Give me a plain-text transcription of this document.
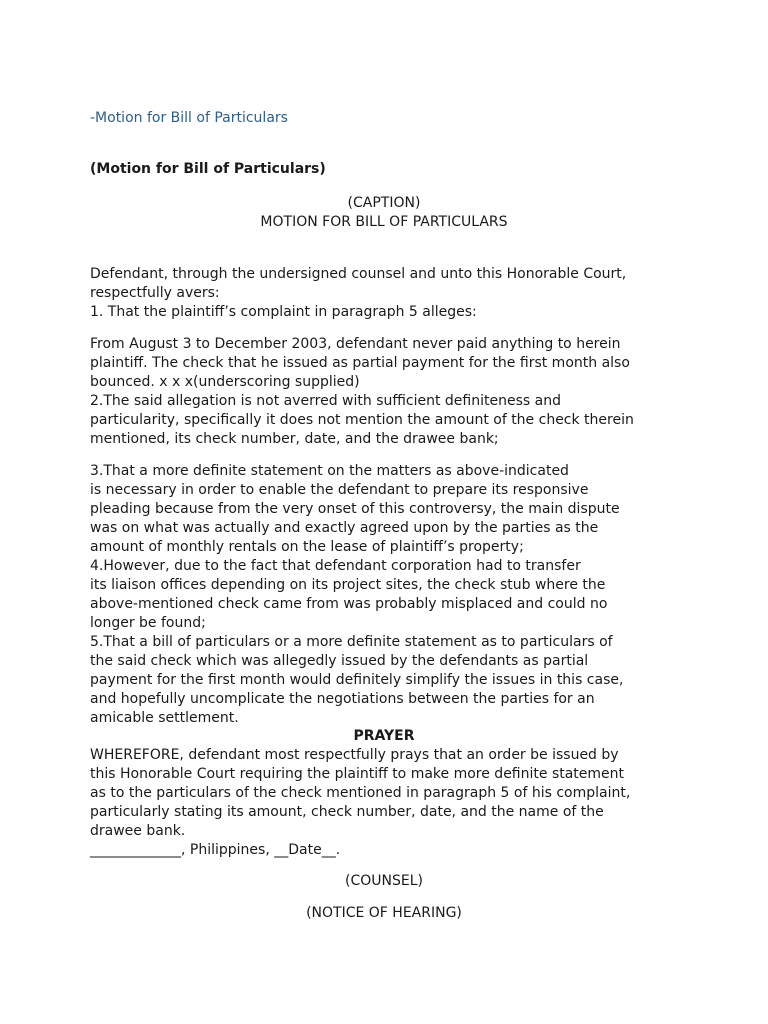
-Motion for Bill of Particulars
(Motion for Bill of Particulars)
(CAPTION)
MOTION FOR BILL OF PARTICULARS

Defendant, through the undersigned counsel and unto this Honorable Court,

respectfully avers:

1. That the plaintiff’s complaint in paragraph 5 alleges:

From August 3 to December 2003, defendant never paid anything to herein

plaintiff. The check that he issued as partial payment for the first month also

bounced. x x x(underscoring supplied)

2.The said allegation is not averred with sufficient definiteness and

particularity, specifically it does not mention the amount of the check therein

mentioned, its check number, date, and the drawee bank;

3.That a more definite statement on the matters as above-indicated

is necessary in order to enable the defendant to prepare its responsive

pleading because from the very onset of this controversy, the main dispute

was on what was actually and exactly agreed upon by the parties as the

amount of monthly rentals on the lease of plaintiff’s property;

4.However, due to the fact that defendant corporation had to transfer

its liaison offices depending on its project sites, the check stub where the

above-mentioned check came from was probably misplaced and could no

longer be found;

5.That a bill of particulars or a more definite statement as to particulars of

the said check which was allegedly issued by the defendants as partial

payment for the first month would definitely simplify the issues in this case,

and hopefully uncomplicate the negotiations between the parties for an

amicable settlement.

PRAYER

WHEREFORE, defendant most respectfully prays that an order be issued by

this Honorable Court requiring the plaintiff to make more definite statement

as to the particulars of the check mentioned in paragraph 5 of his complaint,

particularly stating its amount, check number, date, and the name of the

drawee bank.

_____________, Philippines, __Date__.

(COUNSEL)
(NOTICE OF HEARING)
